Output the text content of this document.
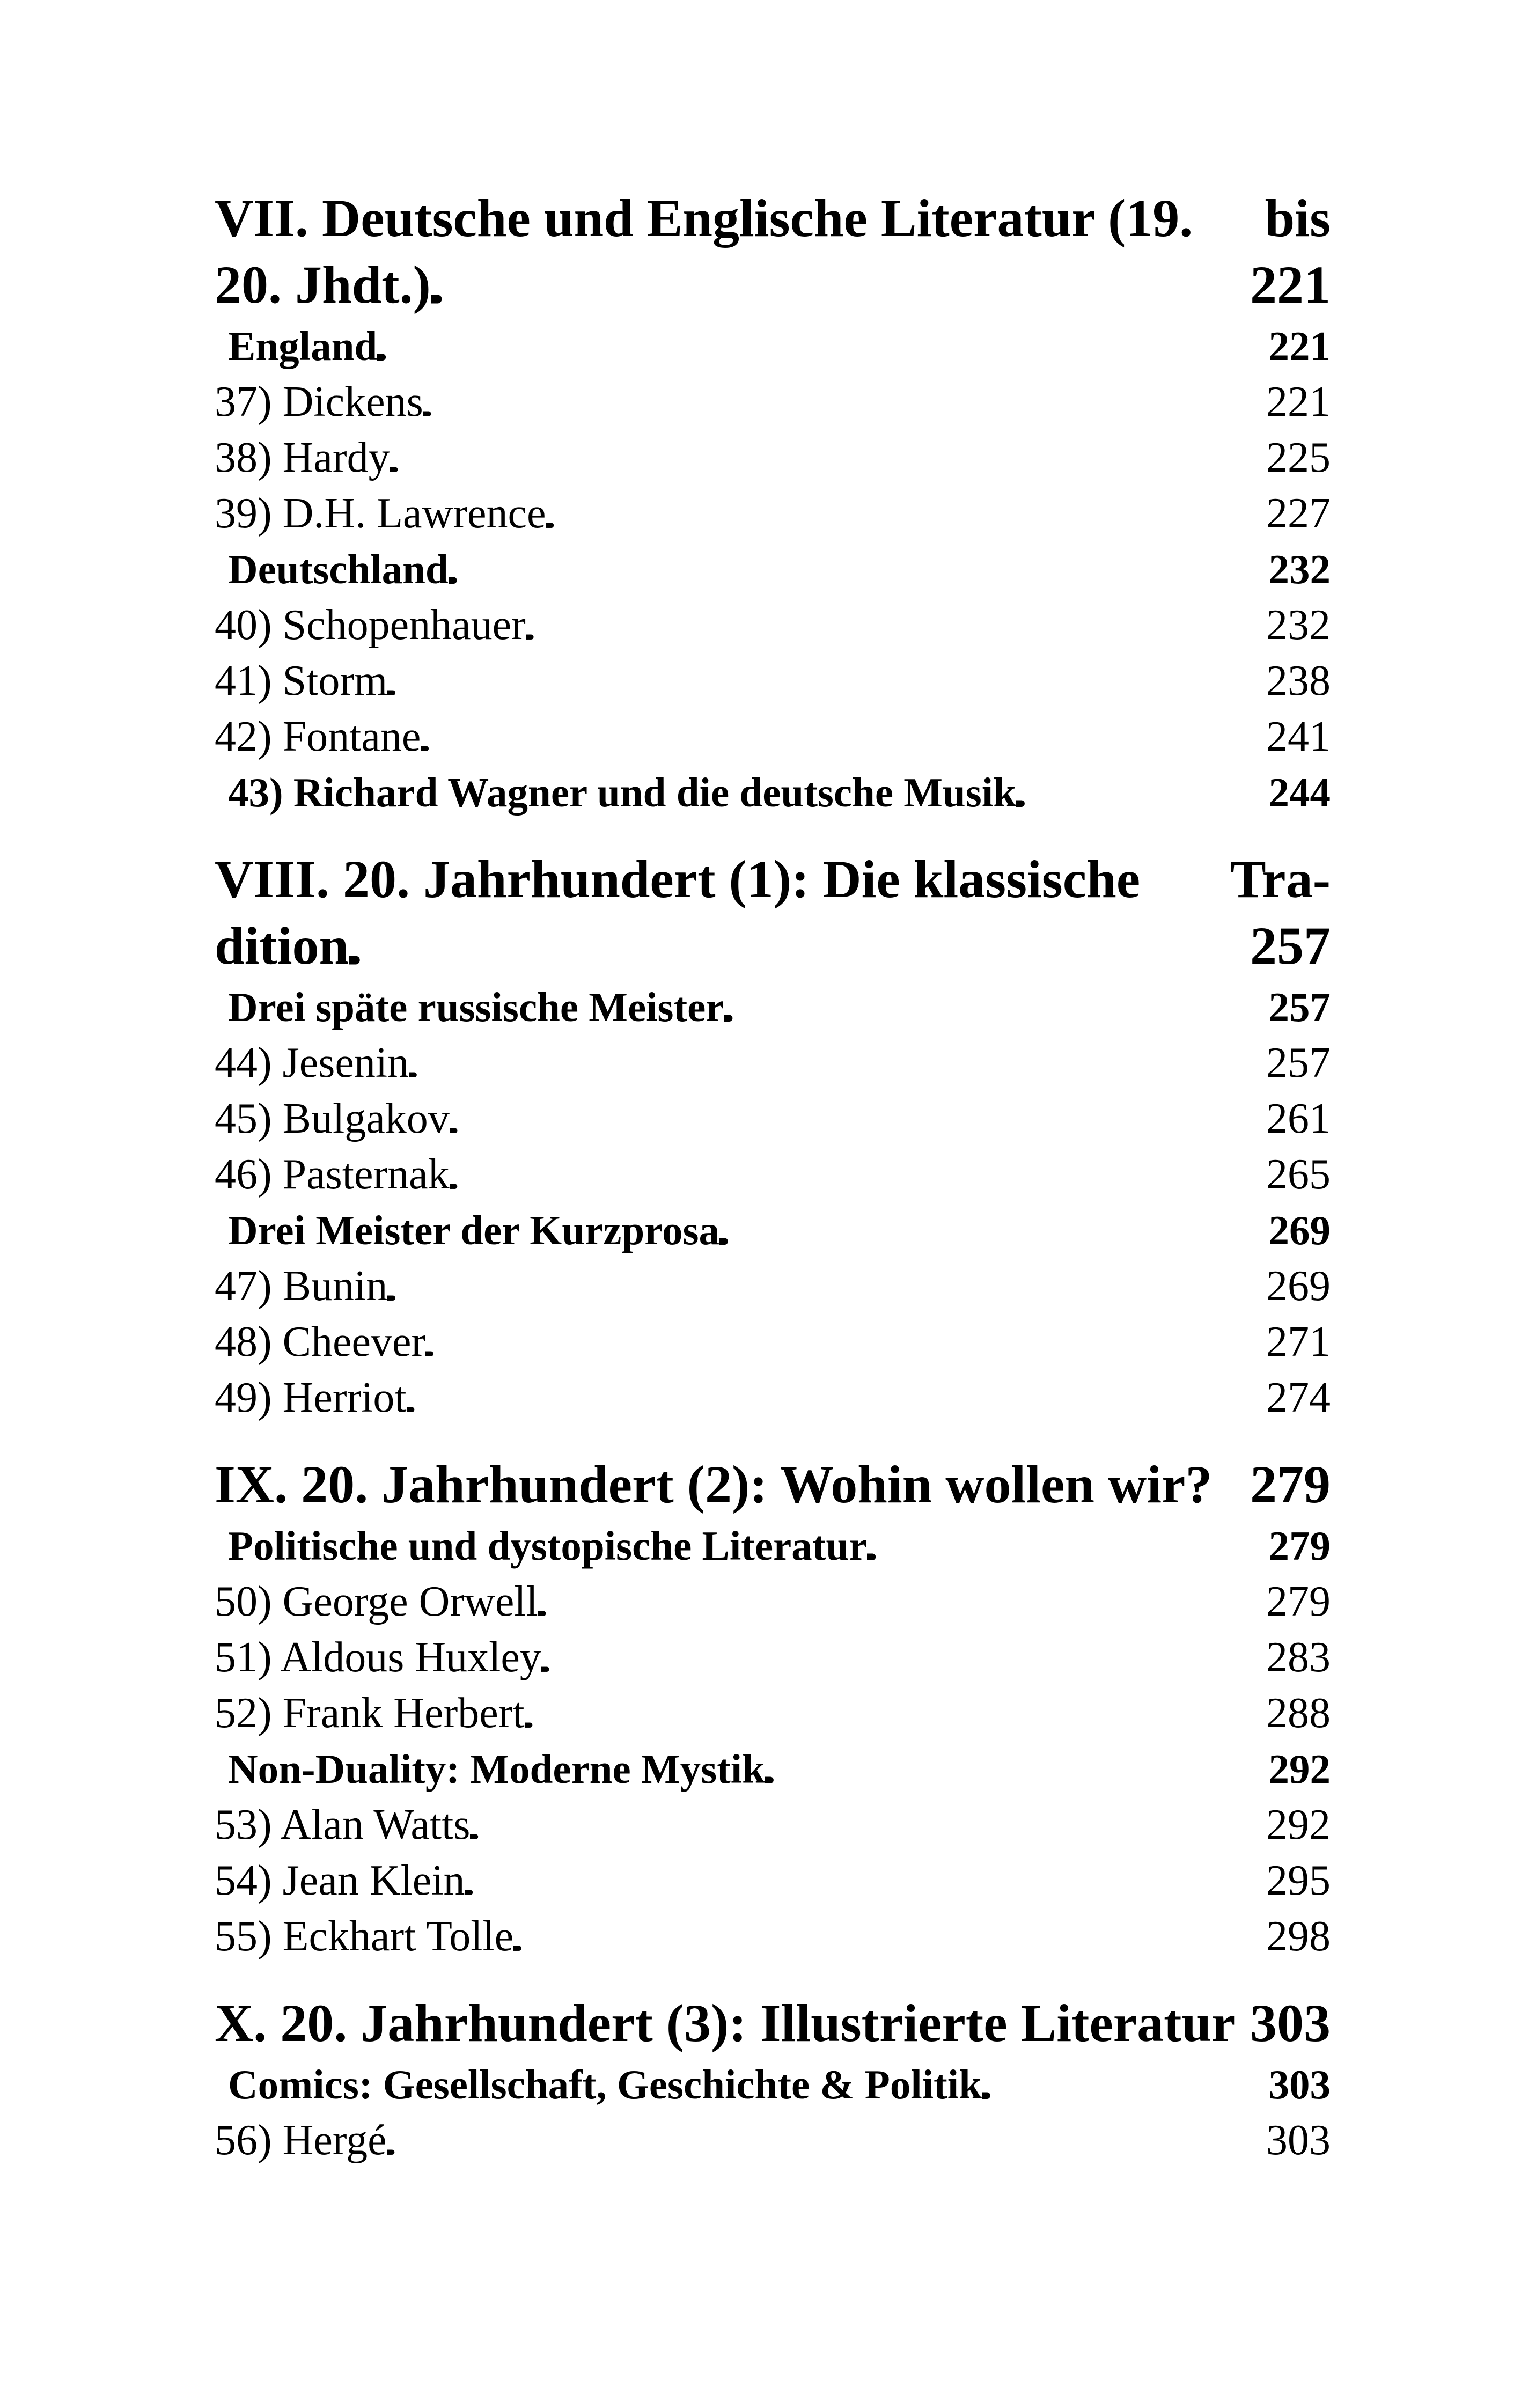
VII. Deutsche und Englische Literatur (19. bis
20. Jhdt.) . . .	221
England . . .	221
37) Dickens . . .	221
38) Hardy . . .	225
39) D.H. Lawrence . . .	227
Deutschland . . .	232
40) Schopenhauer . . .	232
41) Storm . . .	238
42) Fontane . . .	241
43) Richard Wagner und die deutsche Musik . . .	244
VIII. 20. Jahrhundert (1): Die klassische Tra-
dition . . .	257
Drei späte russische Meister . . .	257
44) Jesenin . . .	257
45) Bulgakov . . .	261
46) Pasternak . . .	265
Drei Meister der Kurzprosa . . .	269
47) Bunin . . .	269
48) Cheever . . .	271
49) Herriot . . .	274
IX. 20. Jahrhundert (2): Wohin wollen wir? 279
Politische und dystopische Literatur . . .	279
50) George Orwell . . .	279
51) Aldous Huxley . . .	283
52) Frank Herbert . . .	288
Non-Duality: Moderne Mystik . . .	292
53) Alan Watts . . .	292
54) Jean Klein . . .	295
55) Eckhart Tolle . . .	298
X. 20. Jahrhundert (3): Illustrierte Literatur 303
Comics: Gesellschaft, Geschichte & Politik . . .	303
56) Hergé . . .	303
